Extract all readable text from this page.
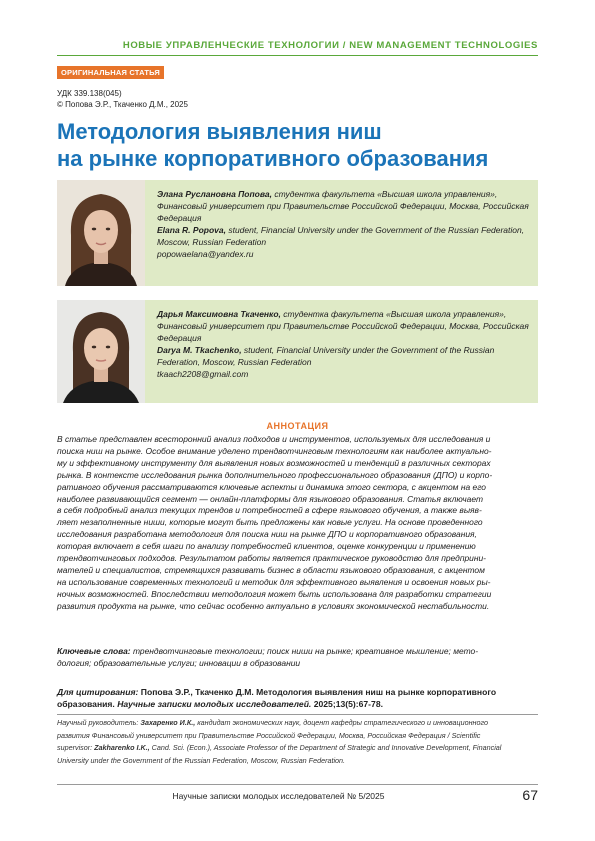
НОВЫЕ УПРАВЛЕНЧЕСКИЕ ТЕХНОЛОГИИ / NEW MANAGEMENT TECHNOLOGIES
ОРИГИНАЛЬНАЯ СТАТЬЯ
УДК 339.138(045)
© Попова Э.Р., Ткаченко Д.М., 2025
Методология выявления ниш
на рынке корпоративного образования
Элана Руслановна Попова, студентка факультета «Высшая школа управления», Финансовый университет при Правительстве Российской Федерации, Москва, Российская Федерация
Elana R. Popova, student, Financial University under the Government of the Russian Federation, Moscow, Russian Federation
popowaelana@yandex.ru
Дарья Максимовна Ткаченко, студентка факультета «Высшая школа управления», Финансовый университет при Правительстве Российской Федерации, Москва, Российская Федерация
Darya M. Tkachenko, student, Financial University under the Government of the Russian Federation, Moscow, Russian Federation
tkaach2208@gmail.com
АННОТАЦИЯ
В статье представлен всесторонний анализ подходов и инструментов, используемых для исследования и
поиска ниш на рынке. Особое внимание уделено трендвотчинговым технологиям как наиболее актуально-
му и эффективному инструменту для выявления новых возможностей и тенденций в различных секторах
рынка. В контексте исследования рынка дополнительного профессионального образования (ДПО) и корпо-
ративного обучения рассматриваются ключевые аспекты и динамика этого сектора, с акцентом на его
наиболее развивающийся сегмент — онлайн-платформы для языкового образования. Статья включает
в себя подробный анализ текущих трендов и потребностей в сфере языкового обучения, а также выяв-
ляет незаполненные ниши, которые могут быть предложены как новые услуги. На основе проведенного
исследования разработана методология для поиска ниш на рынке ДПО и корпоративного образования,
которая включает в себя шаги по анализу потребностей клиентов, оценке конкуренции и применению
трендвотчинговых подходов. Результатом работы является практическое руководство для предприни-
мателей и специалистов, стремящихся развивать бизнес в области языкового образования, с акцентом
на использование современных технологий и методик для эффективного выявления и освоения новых ры-
ночных возможностей. Впоследствии методология может быть использована для разработки стратегии
развития продукта на рынке, что сейчас особенно актуально в условиях экономической нестабильности.
Ключевые слова: трендвотчинговые технологии; поиск ниши на рынке; креативное мышление; мето-
дология; образовательные услуги; инновации в образовании
Для цитирования: Попова Э.Р., Ткаченко Д.М. Методология выявления ниш на рынке корпоративного
образования. Научные записки молодых исследователей. 2025;13(5):67-78.
Научный руководитель: Захаренко И.К., кандидат экономических наук, доцент кафедры стратегического и инновационного
развития Финансовый университет при Правительстве Российской Федерации, Москва, Российская Федерация / Scientific
supervisor: Zakharenko I.K., Cand. Sci. (Econ.), Associate Professor of the Department of Strategic and Innovative Development, Financial
University under the Government of the Russian Federation, Moscow, Russian Federation.
Научные записки молодых исследователей № 5/2025	67
